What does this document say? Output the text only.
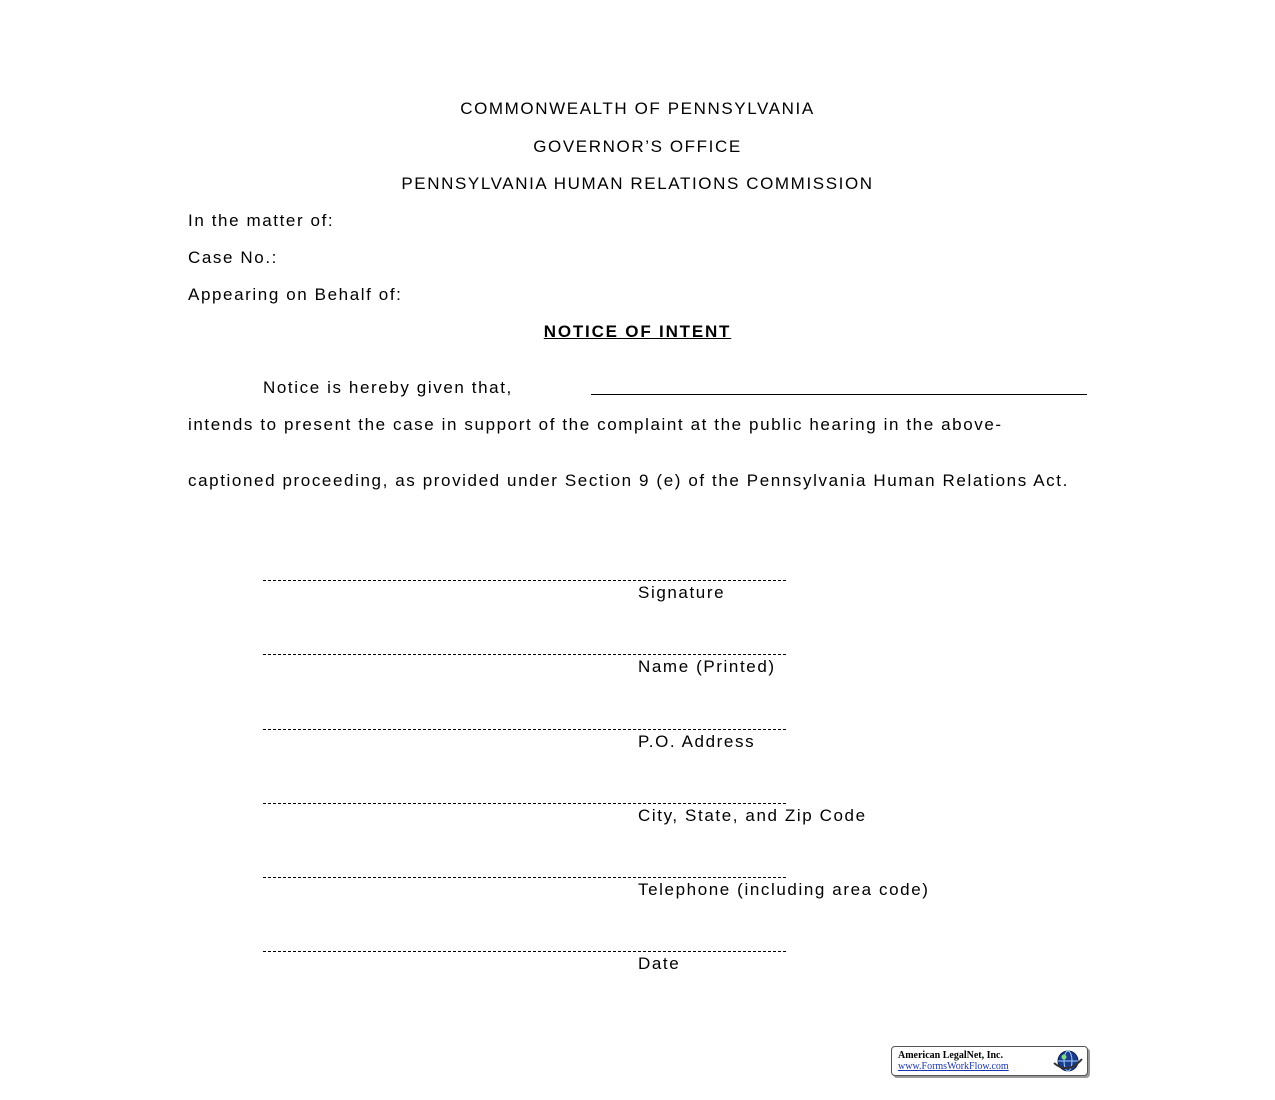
COMMONWEALTH OF PENNSYLVANIA
GOVERNOR’S OFFICE
PENNSYLVANIA HUMAN RELATIONS COMMISSION
In the matter of:
Case No.:
Appearing on Behalf of:
NOTICE OF INTENT
Notice is hereby given that,
intends to present the case in support of the complaint at the public hearing in the above-
captioned proceeding, as provided under Section 9 (e) of the Pennsylvania Human Relations Act.
Signature
Name (Printed)
P.O. Address
City, State, and Zip Code
Telephone (including area code)
Date
American LegalNet, Inc.
www.FormsWorkFlow.com
